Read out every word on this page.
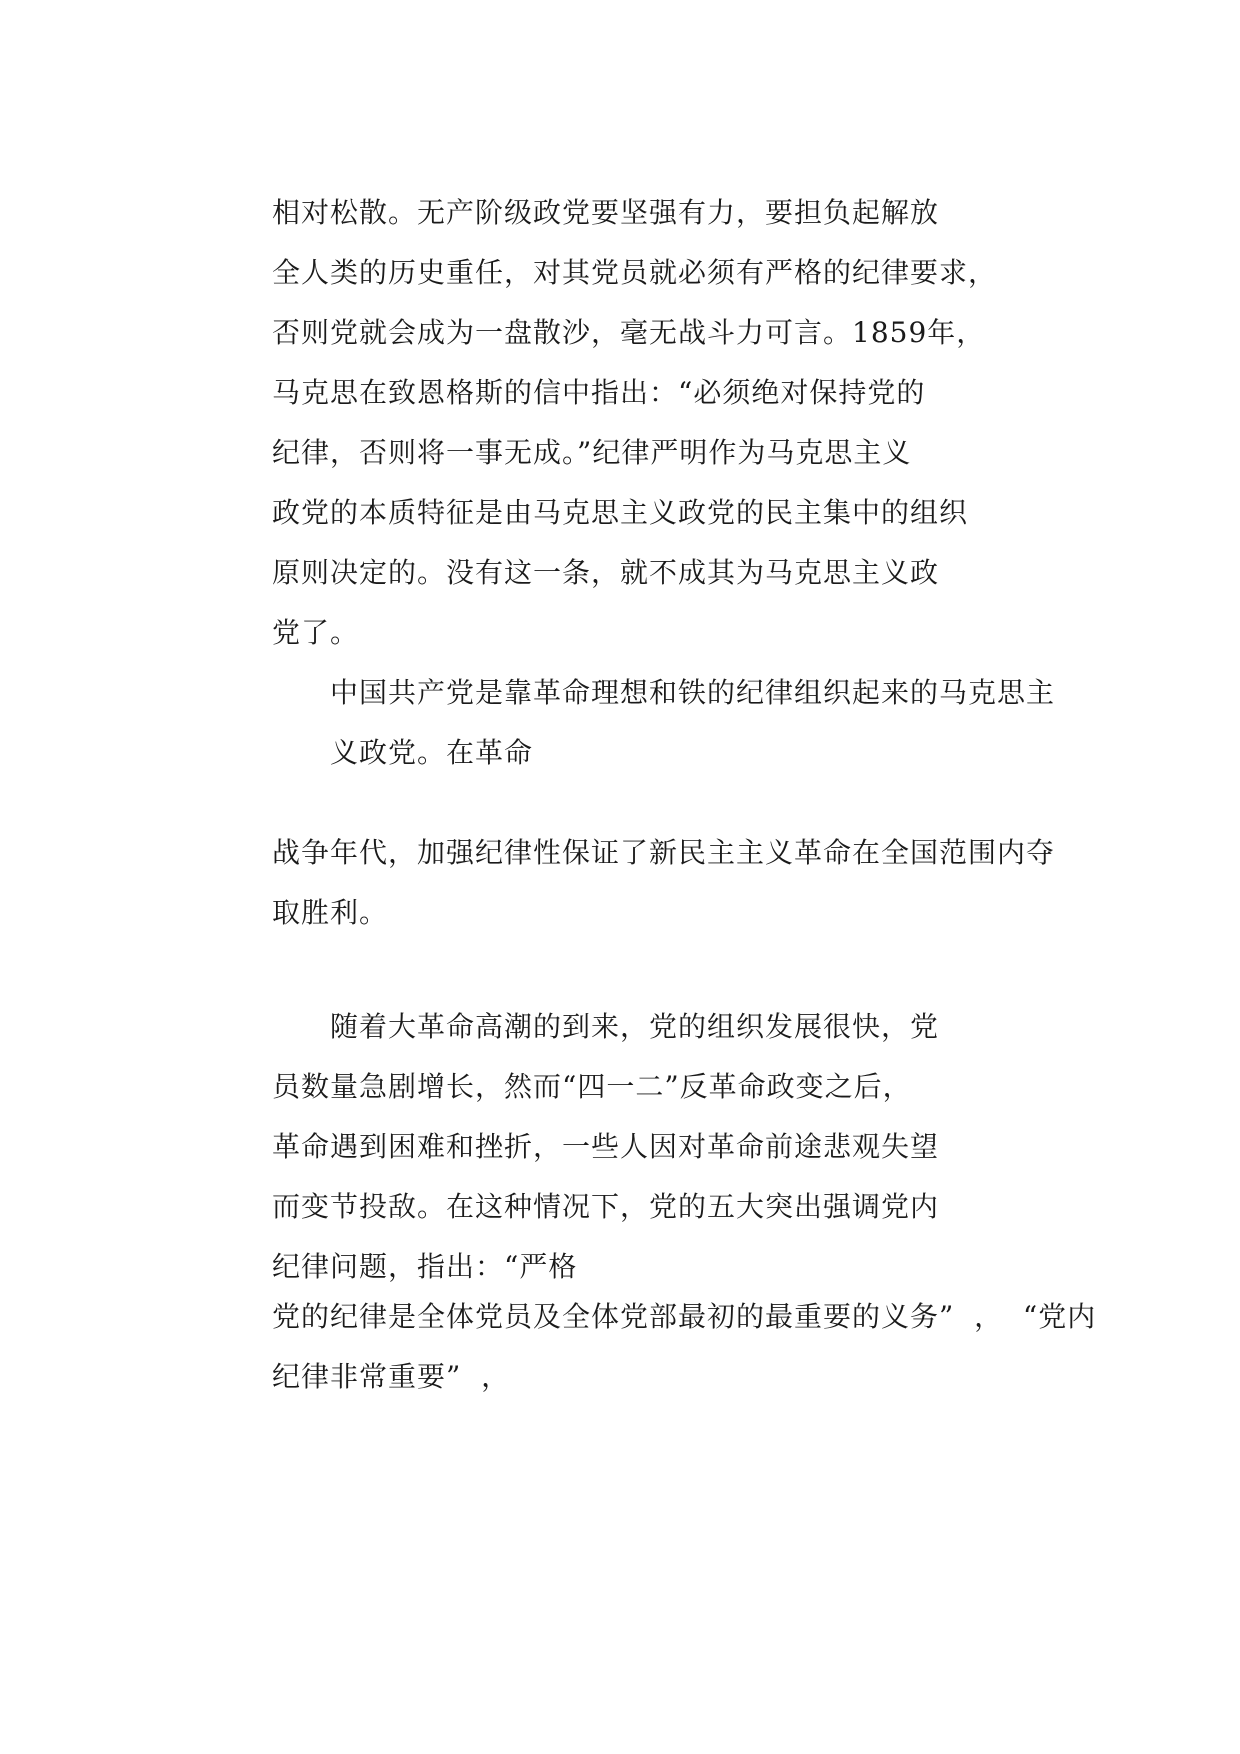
相对松散。无产阶级政党要坚强有力，要担负起解放
全人类的历史重任，对其党员就必须有严格的纪律要求，
否则党就会成为一盘散沙，毫无战斗力可言。1859年，
马克思在致恩格斯的信中指出：“必须绝对保持党的
纪律，否则将一事无成。”纪律严明作为马克思主义
政党的本质特征是由马克思主义政党的民主集中的组织
原则决定的。没有这一条，就不成其为马克思主义政
党了。
中国共产党是靠革命理想和铁的纪律组织起来的马克思主
义政党。在革命
战争年代，加强纪律性保证了新民主主义革命在全国范围内夺
取胜利。
随着大革命高潮的到来，党的组织发展很快，党
员数量急剧增长，然而“四一二”反革命政变之后，
革命遇到困难和挫折，一些人因对革命前途悲观失望
而变节投敌。在这种情况下，党的五大突出强调党内
纪律问题，指出：“严格
党的纪律是全体党员及全体党部最初的最重要的义务”  ，  “党内
纪律非常重要”  ，
